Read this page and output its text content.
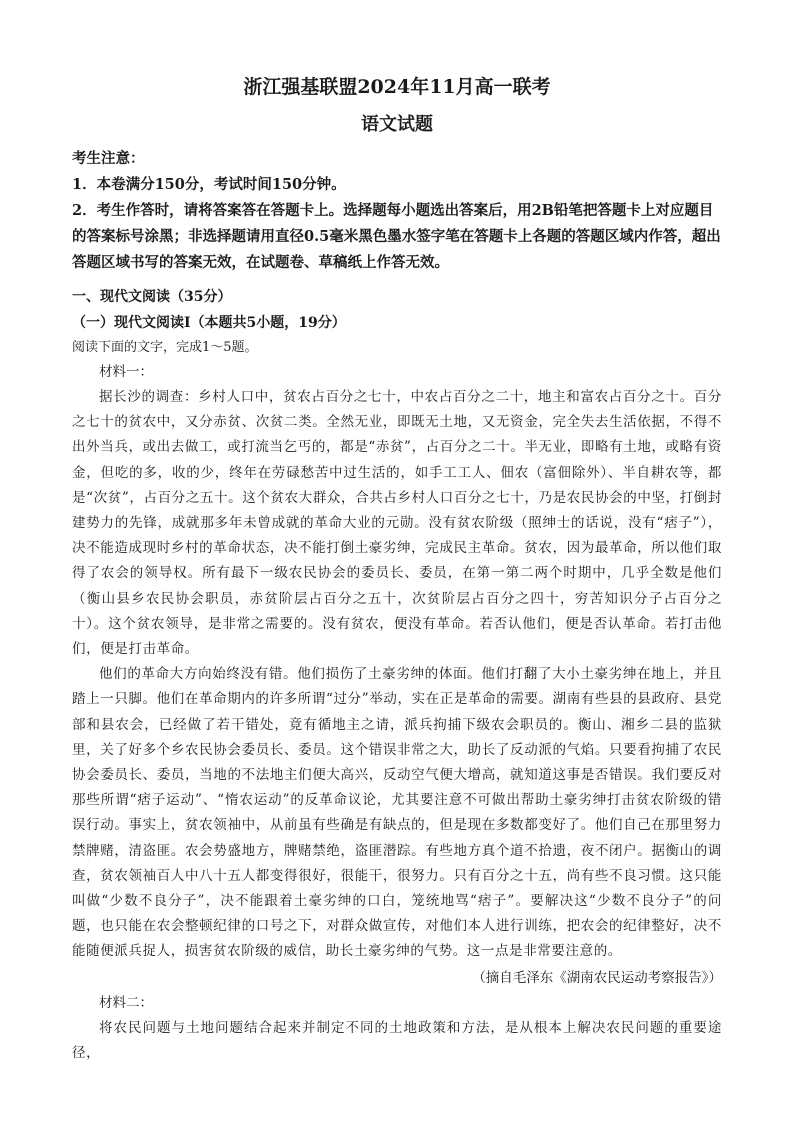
浙江强基联盟2024年11月高一联考
语文试题

考生注意：

1．本卷满分150分，考试时间150分钟。

2．考生作答时，请将答案答在答题卡上。选择题每小题选出答案后，用2B铅笔把答题卡上对应题目的答案标号涂黑；非选择题请用直径0.5毫米黑色墨水签字笔在答题卡上各题的答题区域内作答，超出答题区域书写的答案无效，在试题卷、草稿纸上作答无效。

一、现代文阅读（35分）

（一）现代文阅读Ⅰ（本题共5小题，19分）

阅读下面的文字，完成1～5题。

材料一：

据长沙的调查：乡村人口中，贫农占百分之七十，中农占百分之二十，地主和富农占百分之十。百分之七十的贫农中，又分赤贫、次贫二类。全然无业，即既无土地，又无资金，完全失去生活依据，不得不出外当兵，或出去做工，或打流当乞丐的，都是“赤贫”，占百分之二十。半无业，即略有土地，或略有资金，但吃的多，收的少，终年在劳碌愁苦中过生活的，如手工工人、佃农（富佃除外）、半自耕农等，都是“次贫”，占百分之五十。这个贫农大群众，合共占乡村人口百分之七十，乃是农民协会的中坚，打倒封建势力的先锋，成就那多年未曾成就的革命大业的元勋。没有贫农阶级（照绅士的话说，没有“痞子”），决不能造成现时乡村的革命状态，决不能打倒土豪劣绅，完成民主革命。贫农，因为最革命，所以他们取得了农会的领导权。所有最下一级农民协会的委员长、委员，在第一第二两个时期中，几乎全数是他们（衡山县乡农民协会职员，赤贫阶层占百分之五十，次贫阶层占百分之四十，穷苦知识分子占百分之十）。这个贫农领导，是非常之需要的。没有贫农，便没有革命。若否认他们，便是否认革命。若打击他们，便是打击革命。

他们的革命大方向始终没有错。他们损伤了土豪劣绅的体面。他们打翻了大小土豪劣绅在地上，并且踏上一只脚。他们在革命期内的许多所谓“过分”举动，实在正是革命的需要。湖南有些县的县政府、县党部和县农会，已经做了若干错处，竟有循地主之请，派兵拘捕下级农会职员的。衡山、湘乡二县的监狱里，关了好多个乡农民协会委员长、委员。这个错误非常之大，助长了反动派的气焰。只要看拘捕了农民协会委员长、委员，当地的不法地主们便大高兴，反动空气便大增高，就知道这事是否错误。我们要反对那些所谓“痞子运动”、“惰农运动”的反革命议论，尤其要注意不可做出帮助土豪劣绅打击贫农阶级的错误行动。事实上，贫农领袖中，从前虽有些确是有缺点的，但是现在多数都变好了。他们自己在那里努力禁牌赌，清盗匪。农会势盛地方，牌赌禁绝，盗匪潜踪。有些地方真个道不拾遗，夜不闭户。据衡山的调查，贫农领袖百人中八十五人都变得很好，很能干，很努力。只有百分之十五，尚有些不良习惯。这只能叫做“少数不良分子”，决不能跟着土豪劣绅的口白，笼统地骂“痞子”。要解决这“少数不良分子”的问题，也只能在农会整顿纪律的口号之下，对群众做宣传，对他们本人进行训练，把农会的纪律整好，决不能随便派兵捉人，损害贫农阶级的威信，助长土豪劣绅的气势。这一点是非常要注意的。

（摘自毛泽东《湖南农民运动考察报告》）

材料二：

将农民问题与土地问题结合起来并制定不同的土地政策和方法，是从根本上解决农民问题的重要途径，
